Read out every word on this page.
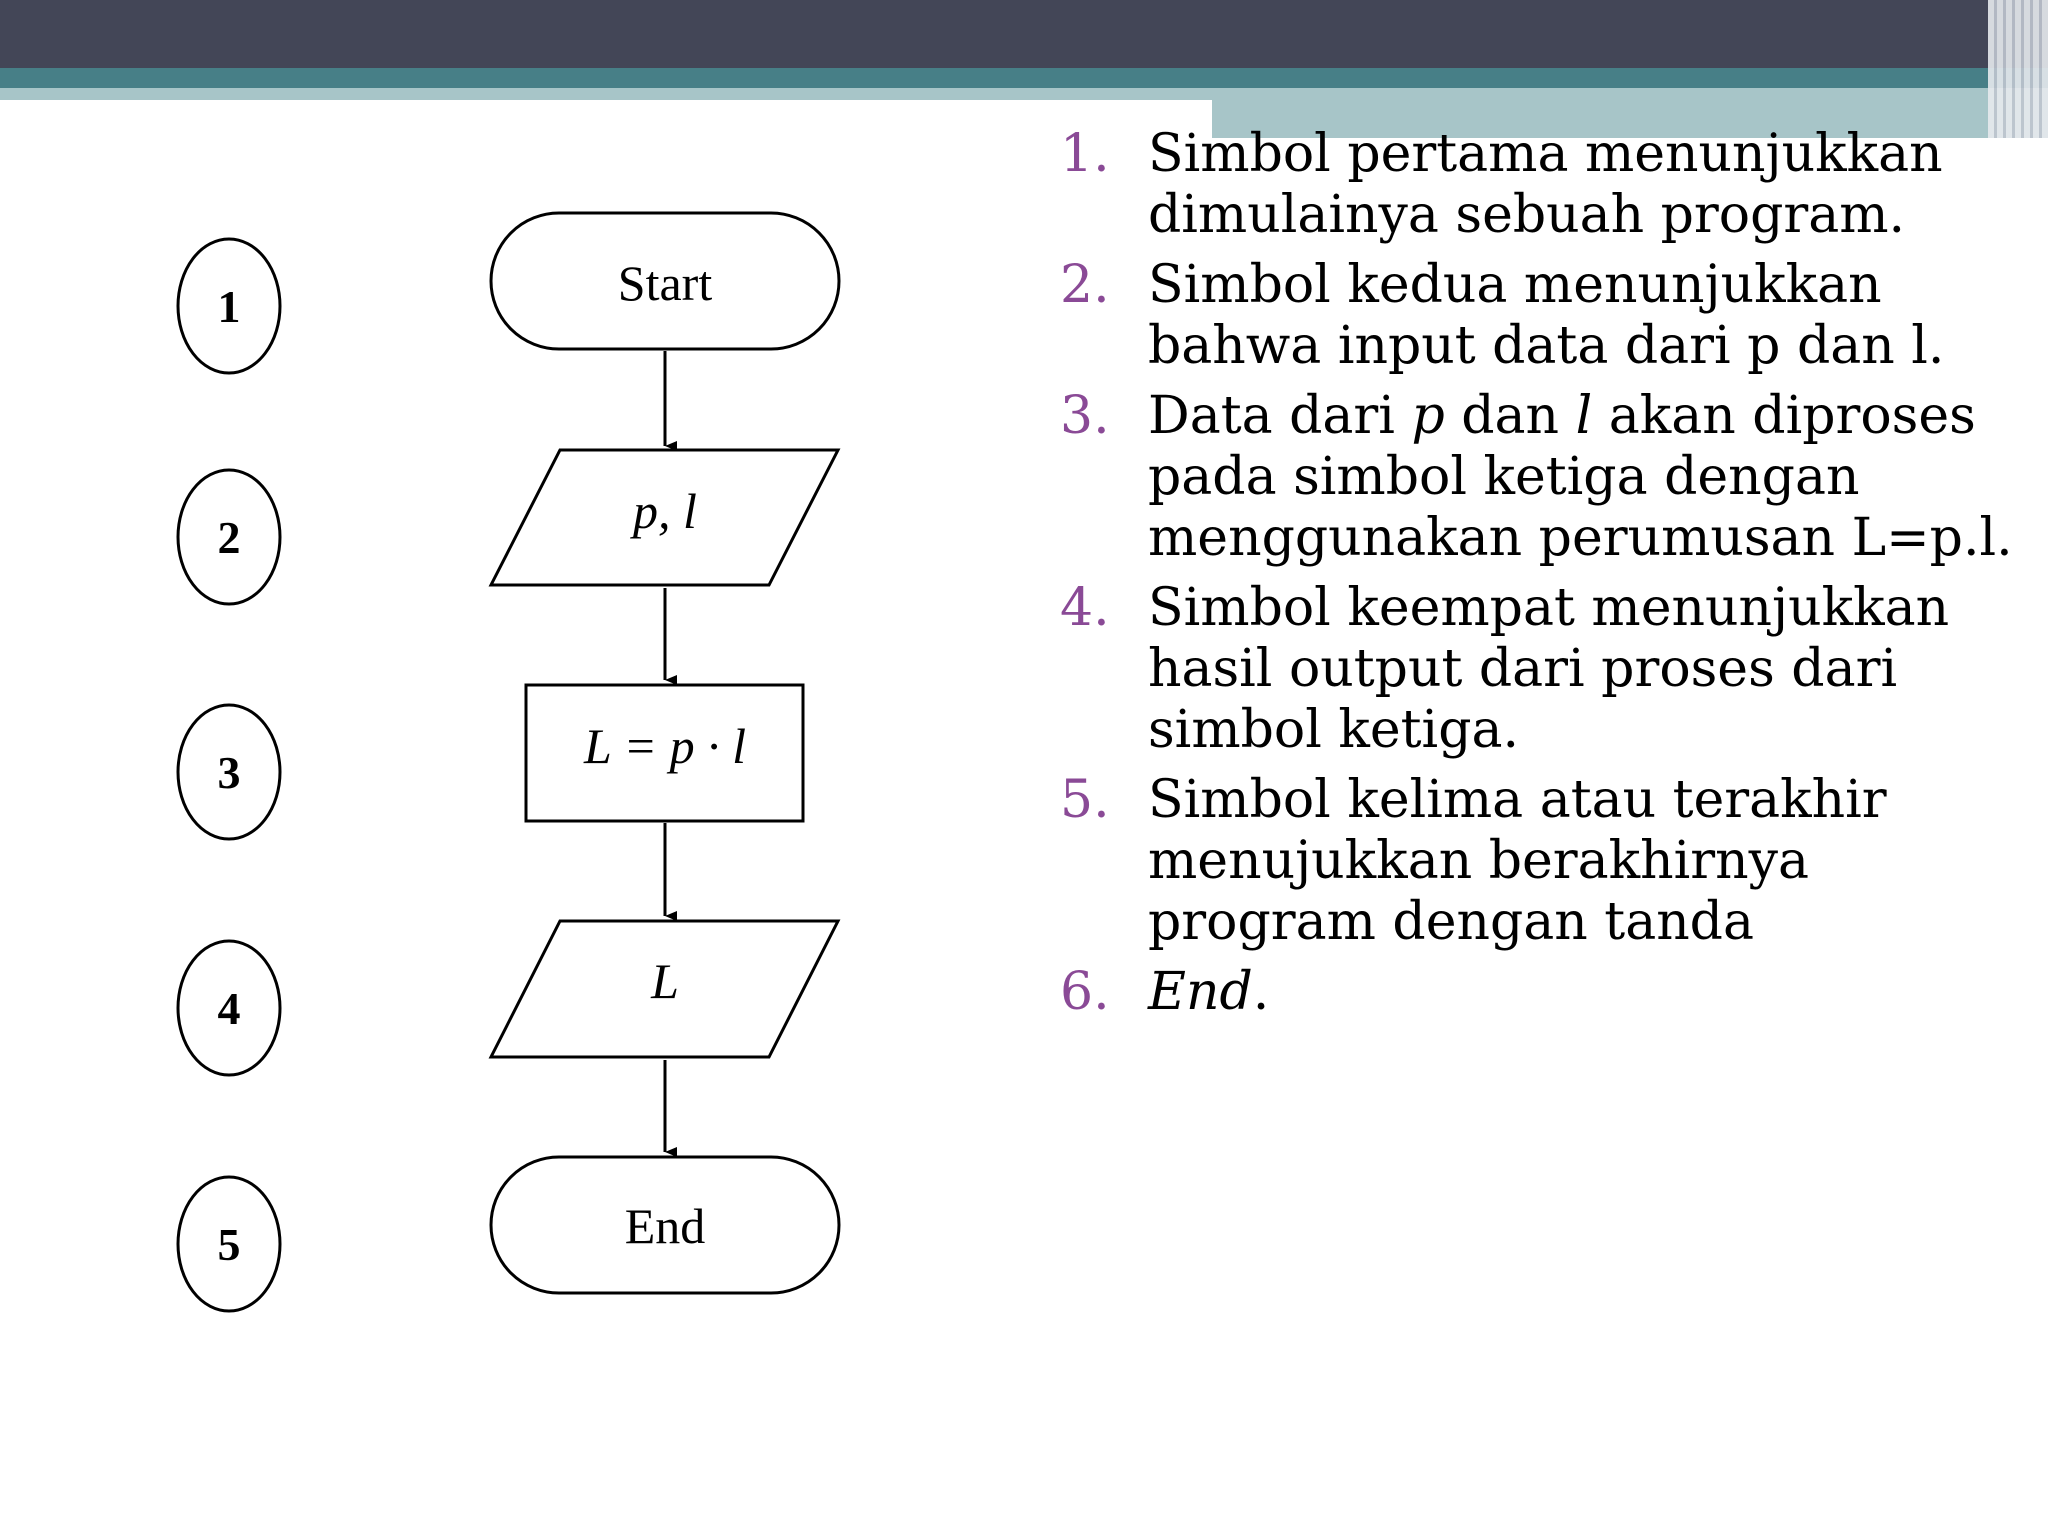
1
2
3
4
5
Start
p, l
L = p · l
L
End
1. Simbol pertama menunjukkan dimulainya sebuah program.
2. Simbol kedua menunjukkan bahwa input data dari p dan l.
3. Data dari p dan l akan diproses pada simbol ketiga dengan menggunakan perumusan L=p.l.
4. Simbol keempat menunjukkan hasil output dari proses dari simbol ketiga.
5. Simbol kelima atau terakhir menujukkan berakhirnya program dengan tanda
6. End.
